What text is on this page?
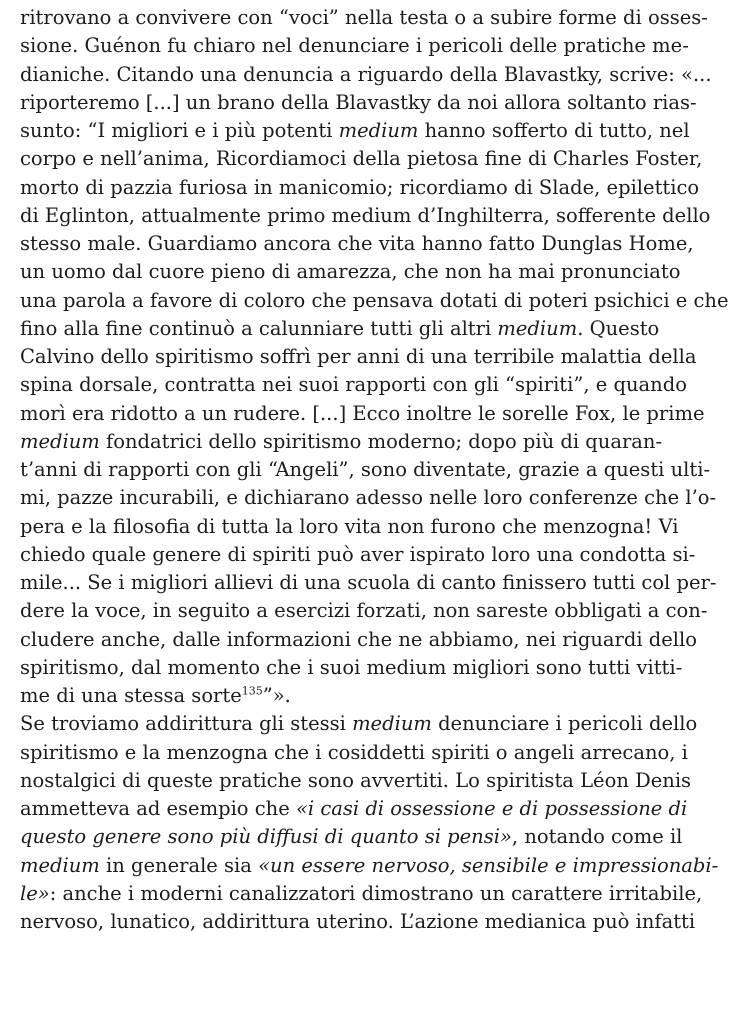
ritrovano a convivere con “voci” nella testa o a subire forme di osses-
sione. Guénon fu chiaro nel denunciare i pericoli delle pratiche me-
dianiche. Citando una denuncia a riguardo della Blavastky, scrive: «...
riporteremo [...] un brano della Blavastky da noi allora soltanto rias-
sunto: “I migliori e i più potenti medium hanno sofferto di tutto, nel
corpo e nell’anima, Ricordiamoci della pietosa fine di Charles Foster,
morto di pazzia furiosa in manicomio; ricordiamo di Slade, epilettico
di Eglinton, attualmente primo medium d’Inghilterra, sofferente dello
stesso male. Guardiamo ancora che vita hanno fatto Dunglas Home,
un uomo dal cuore pieno di amarezza, che non ha mai pronunciato
una parola a favore di coloro che pensava dotati di poteri psichici e che
fino alla fine continuò a calunniare tutti gli altri medium. Questo
Calvino dello spiritismo soffrì per anni di una terribile malattia della
spina dorsale, contratta nei suoi rapporti con gli “spiriti”, e quando
morì era ridotto a un rudere. [...] Ecco inoltre le sorelle Fox, le prime
medium fondatrici dello spiritismo moderno; dopo più di quaran-
t’anni di rapporti con gli “Angeli”, sono diventate, grazie a questi ulti-
mi, pazze incurabili, e dichiarano adesso nelle loro conferenze che l’o-
pera e la filosofia di tutta la loro vita non furono che menzogna! Vi
chiedo quale genere di spiriti può aver ispirato loro una condotta si-
mile... Se i migliori allievi di una scuola di canto finissero tutti col per-
dere la voce, in seguito a esercizi forzati, non sareste obbligati a con-
cludere anche, dalle informazioni che ne abbiamo, nei riguardi dello
spiritismo, dal momento che i suoi medium migliori sono tutti vitti-
me di una stessa sorte$^{135}$”».
Se troviamo addirittura gli stessi medium denunciare i pericoli dello
spiritismo e la menzogna che i cosiddetti spiriti o angeli arrecano, i
nostalgici di queste pratiche sono avvertiti. Lo spiritista Léon Denis
ammetteva ad esempio che «i casi di ossessione e di possessione di
questo genere sono più diffusi di quanto si pensi», notando come il
medium in generale sia «un essere nervoso, sensibile e impressionabi-
le»: anche i moderni canalizzatori dimostrano un carattere irritabile,
nervoso, lunatico, addirittura uterino. L’azione medianica può infatti
